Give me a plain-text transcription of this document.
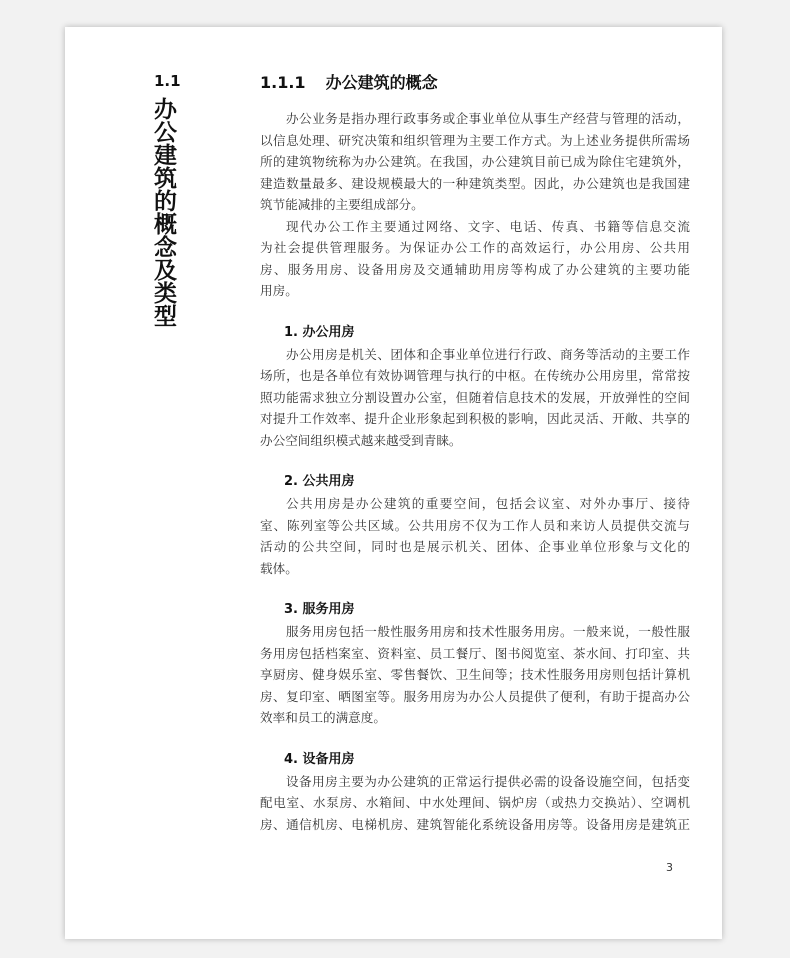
1.1
办公建筑的概念及类型
1.1.1 办公建筑的概念
办公业务是指办理行政事务或企事业单位从事生产经营与管理的活动，
以信息处理、研究决策和组织管理为主要工作方式。为上述业务提供所需场
所的建筑物统称为办公建筑。在我国，办公建筑目前已成为除住宅建筑外，
建造数量最多、建设规模最大的一种建筑类型。因此，办公建筑也是我国建
筑节能减排的主要组成部分。
现代办公工作主要通过网络、文字、电话、传真、书籍等信息交流
为社会提供管理服务。为保证办公工作的高效运行，办公用房、公共用
房、服务用房、设备用房及交通辅助用房等构成了办公建筑的主要功能
用房。
1. 办公用房
办公用房是机关、团体和企事业单位进行行政、商务等活动的主要工作
场所，也是各单位有效协调管理与执行的中枢。在传统办公用房里，常常按
照功能需求独立分割设置办公室，但随着信息技术的发展，开放弹性的空间
对提升工作效率、提升企业形象起到积极的影响，因此灵活、开敞、共享的
办公空间组织模式越来越受到青睐。
2. 公共用房
公共用房是办公建筑的重要空间，包括会议室、对外办事厅、接待
室、陈列室等公共区域。公共用房不仅为工作人员和来访人员提供交流与
活动的公共空间，同时也是展示机关、团体、企事业单位形象与文化的
载体。
3. 服务用房
服务用房包括一般性服务用房和技术性服务用房。一般来说，一般性服
务用房包括档案室、资料室、员工餐厅、图书阅览室、茶水间、打印室、共
享厨房、健身娱乐室、零售餐饮、卫生间等；技术性服务用房则包括计算机
房、复印室、晒图室等。服务用房为办公人员提供了便利，有助于提高办公
效率和员工的满意度。
4. 设备用房
设备用房主要为办公建筑的正常运行提供必需的设备设施空间，包括变
配电室、水泵房、水箱间、中水处理间、锅炉房（或热力交换站）、空调机
房、通信机房、电梯机房、建筑智能化系统设备用房等。设备用房是建筑正
3
